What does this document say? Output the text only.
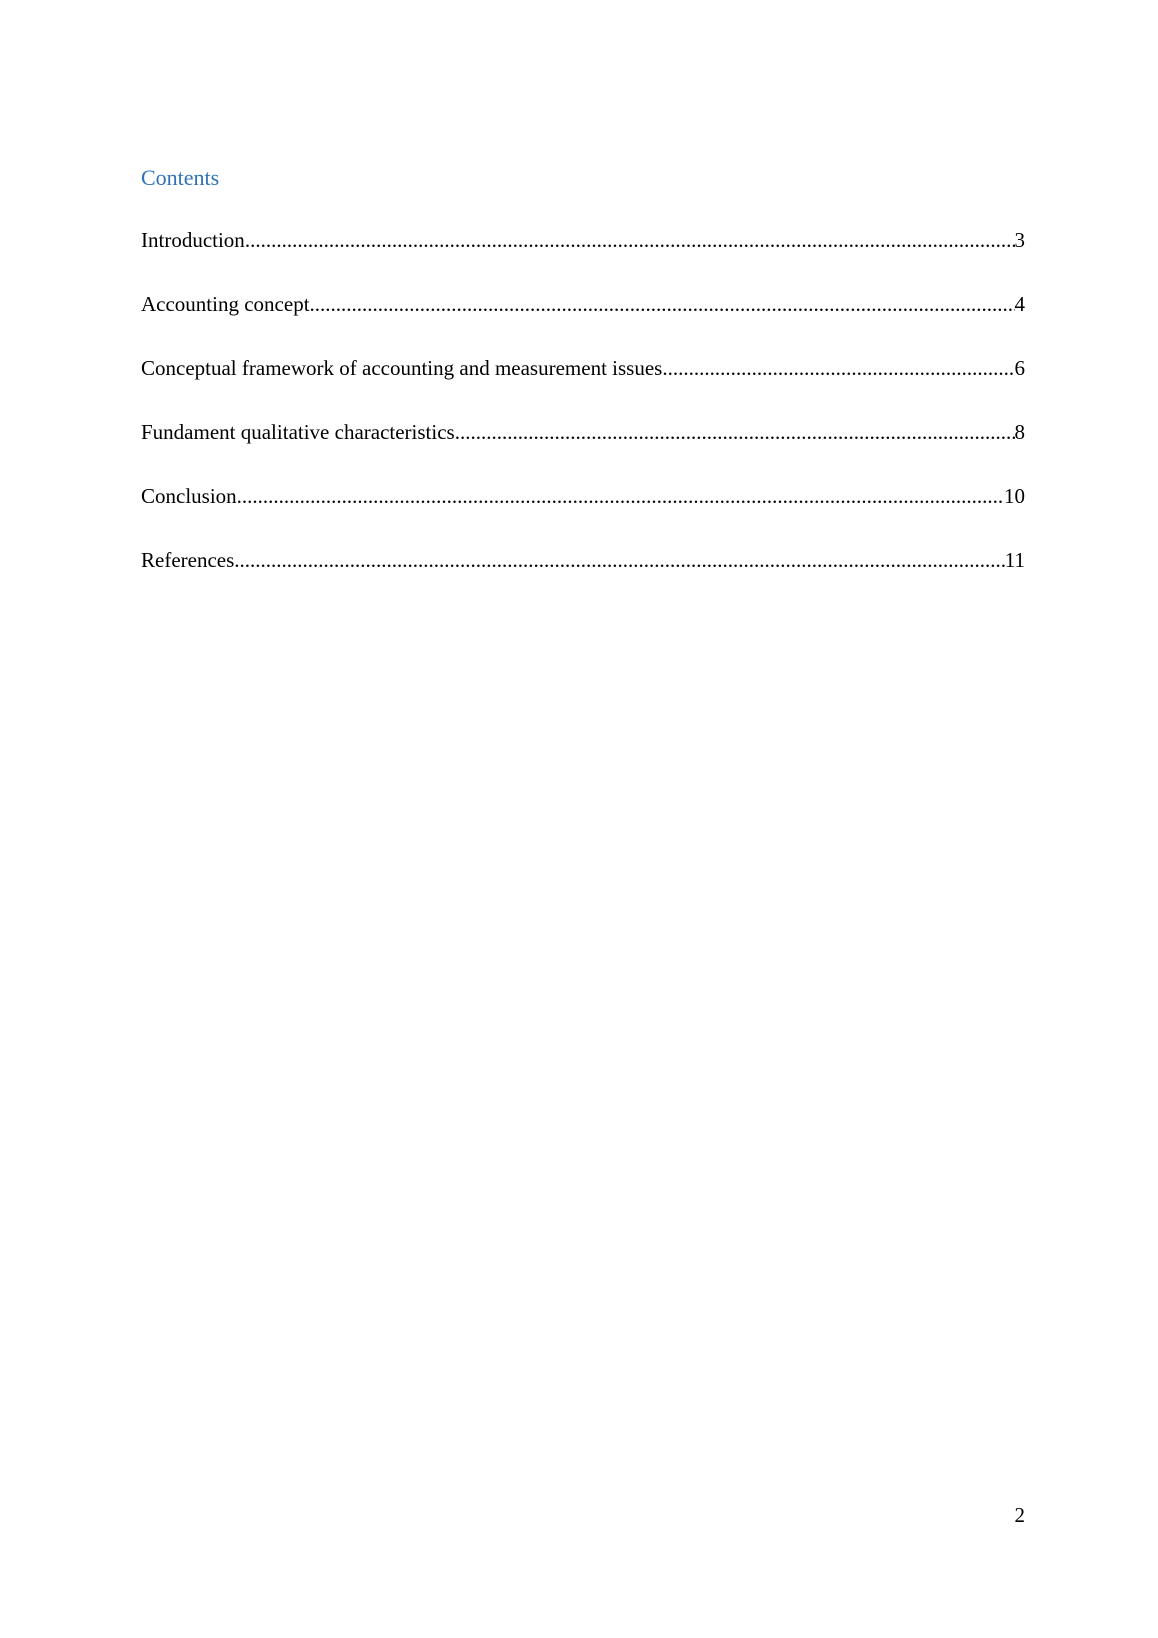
Contents
Introduction .....	3
Accounting concept .....	4
Conceptual framework of accounting and measurement issues .....	6
Fundament qualitative characteristics .....	8
Conclusion .....	10
References .....	11
2
